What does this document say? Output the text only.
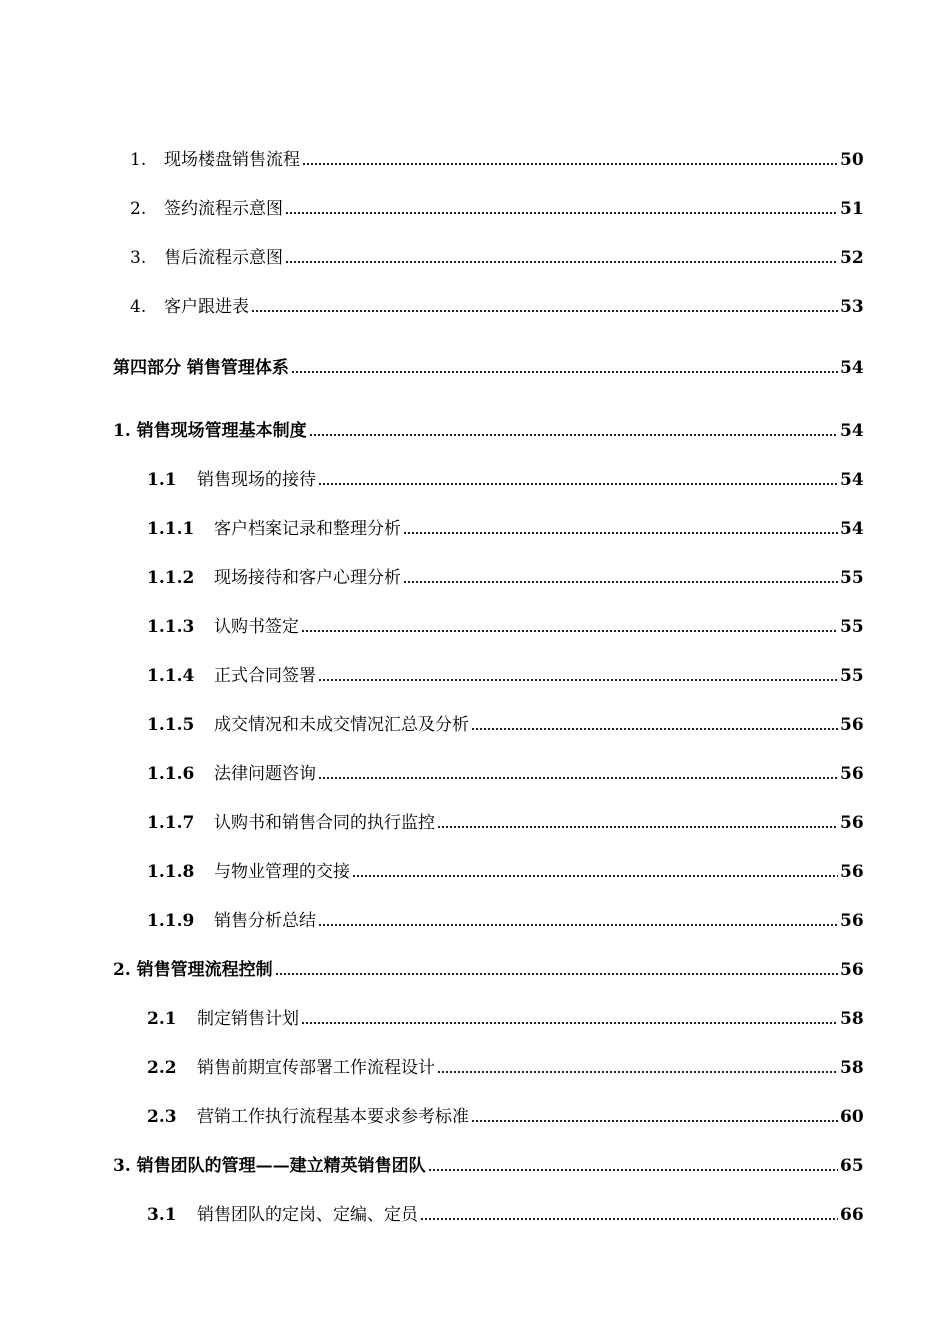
1.	现场楼盘销售流程	50
2.	签约流程示意图	51
3.	售后流程示意图	52
4.	客户跟进表	53
第四部分 销售管理体系	54
1. 销售现场管理基本制度	54
1.1	销售现场的接待	54
1.1.1	客户档案记录和整理分析	54
1.1.2	现场接待和客户心理分析	55
1.1.3	认购书签定	55
1.1.4	正式合同签署	55
1.1.5	成交情况和未成交情况汇总及分析	56
1.1.6	法律问题咨询	56
1.1.7	认购书和销售合同的执行监控	56
1.1.8	与物业管理的交接	56
1.1.9	销售分析总结	56
2. 销售管理流程控制	56
2.1	制定销售计划	58
2.2	销售前期宣传部署工作流程设计	58
2.3	营销工作执行流程基本要求参考标准	60
3. 销售团队的管理——建立精英销售团队	65
3.1	销售团队的定岗、定编、定员	66
